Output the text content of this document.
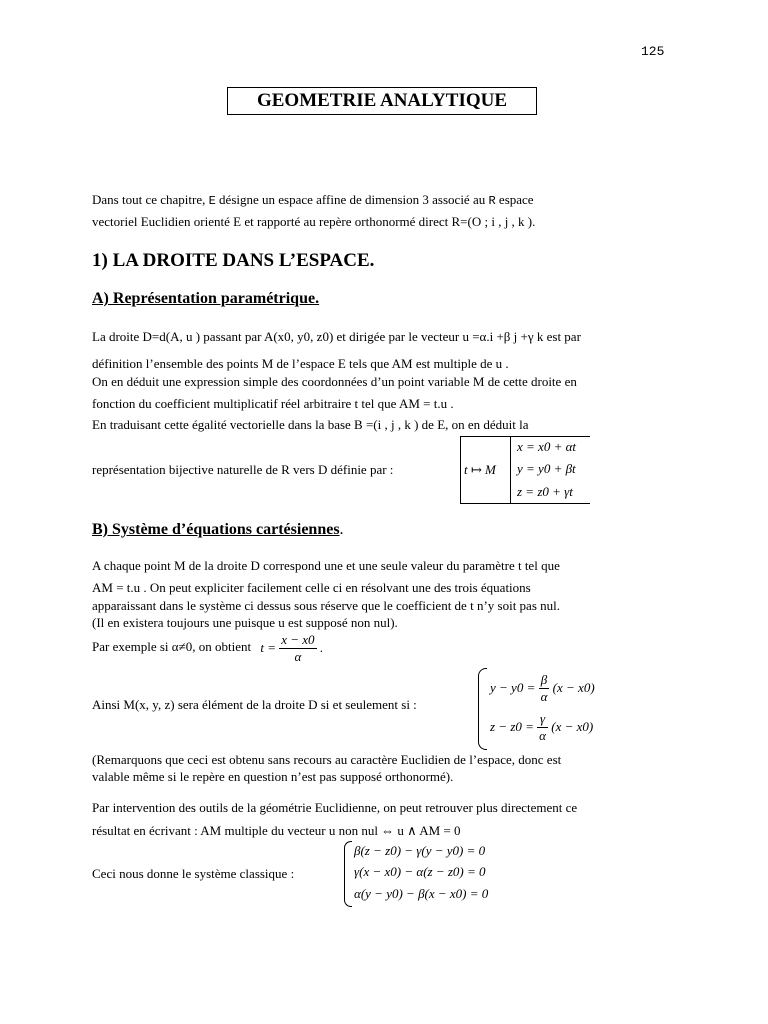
125
GEOMETRIE ANALYTIQUE
Dans tout ce chapitre, E désigne un espace affine de dimension 3 associé au R espace
vectoriel Euclidien orienté E et rapporté au repère orthonormé direct R=(O ; i , j , k ).
1) LA DROITE DANS L’ESPACE.
A) Représentation paramétrique.
La droite D=d(A, u ) passant par A(x0, y0, z0) et dirigée par le vecteur u =α.i +β j +γ k est par
définition l’ensemble des points M de l’espace E tels que AM est multiple de u .
On en déduit une expression simple des coordonnées d’un point variable M de cette droite en
fonction du coefficient multiplicatif réel arbitraire t tel que AM = t.u .
En traduisant cette égalité vectorielle dans la base B =(i , j , k ) de E, on en déduit la
représentation bijective naturelle de R vers D définie par :	t ↦ M
x = x0 + αt
y = y0 + βt
z = z0 + γt
B) Système d’équations cartésiennes.
A chaque point M de la droite D correspond une et une seule valeur du paramètre t tel que
AM = t.u . On peut expliciter facilement celle ci en résolvant une des trois équations
apparaissant dans le système ci dessus sous réserve que le coefficient de t n’y soit pas nul.
(Il en existera toujours une puisque u est supposé non nul).
Par exemple si α≠0, on obtient $t = \frac{x - x0}{\alpha}$ .
Ainsi M(x, y, z) sera élément de la droite D si et seulement si :
$y - y0 = \frac{\beta}{\alpha} (x - x0)$
$z - z0 = \frac{\gamma}{\alpha} (x - x0)$
(Remarquons que ceci est obtenu sans recours au caractère Euclidien de l’espace, donc est
valable même si le repère en question n’est pas supposé orthonormé).
Par intervention des outils de la géométrie Euclidienne, on peut retrouver plus directement ce
résultat en écrivant : AM multiple du vecteur u non nul ⇔ u ∧ AM = 0
Ceci nous donne le système classique :
β(z − z0) − γ(y − y0) = 0
γ(x − x0) − α(z − z0) = 0
α(y − y0) − β(x − x0) = 0
